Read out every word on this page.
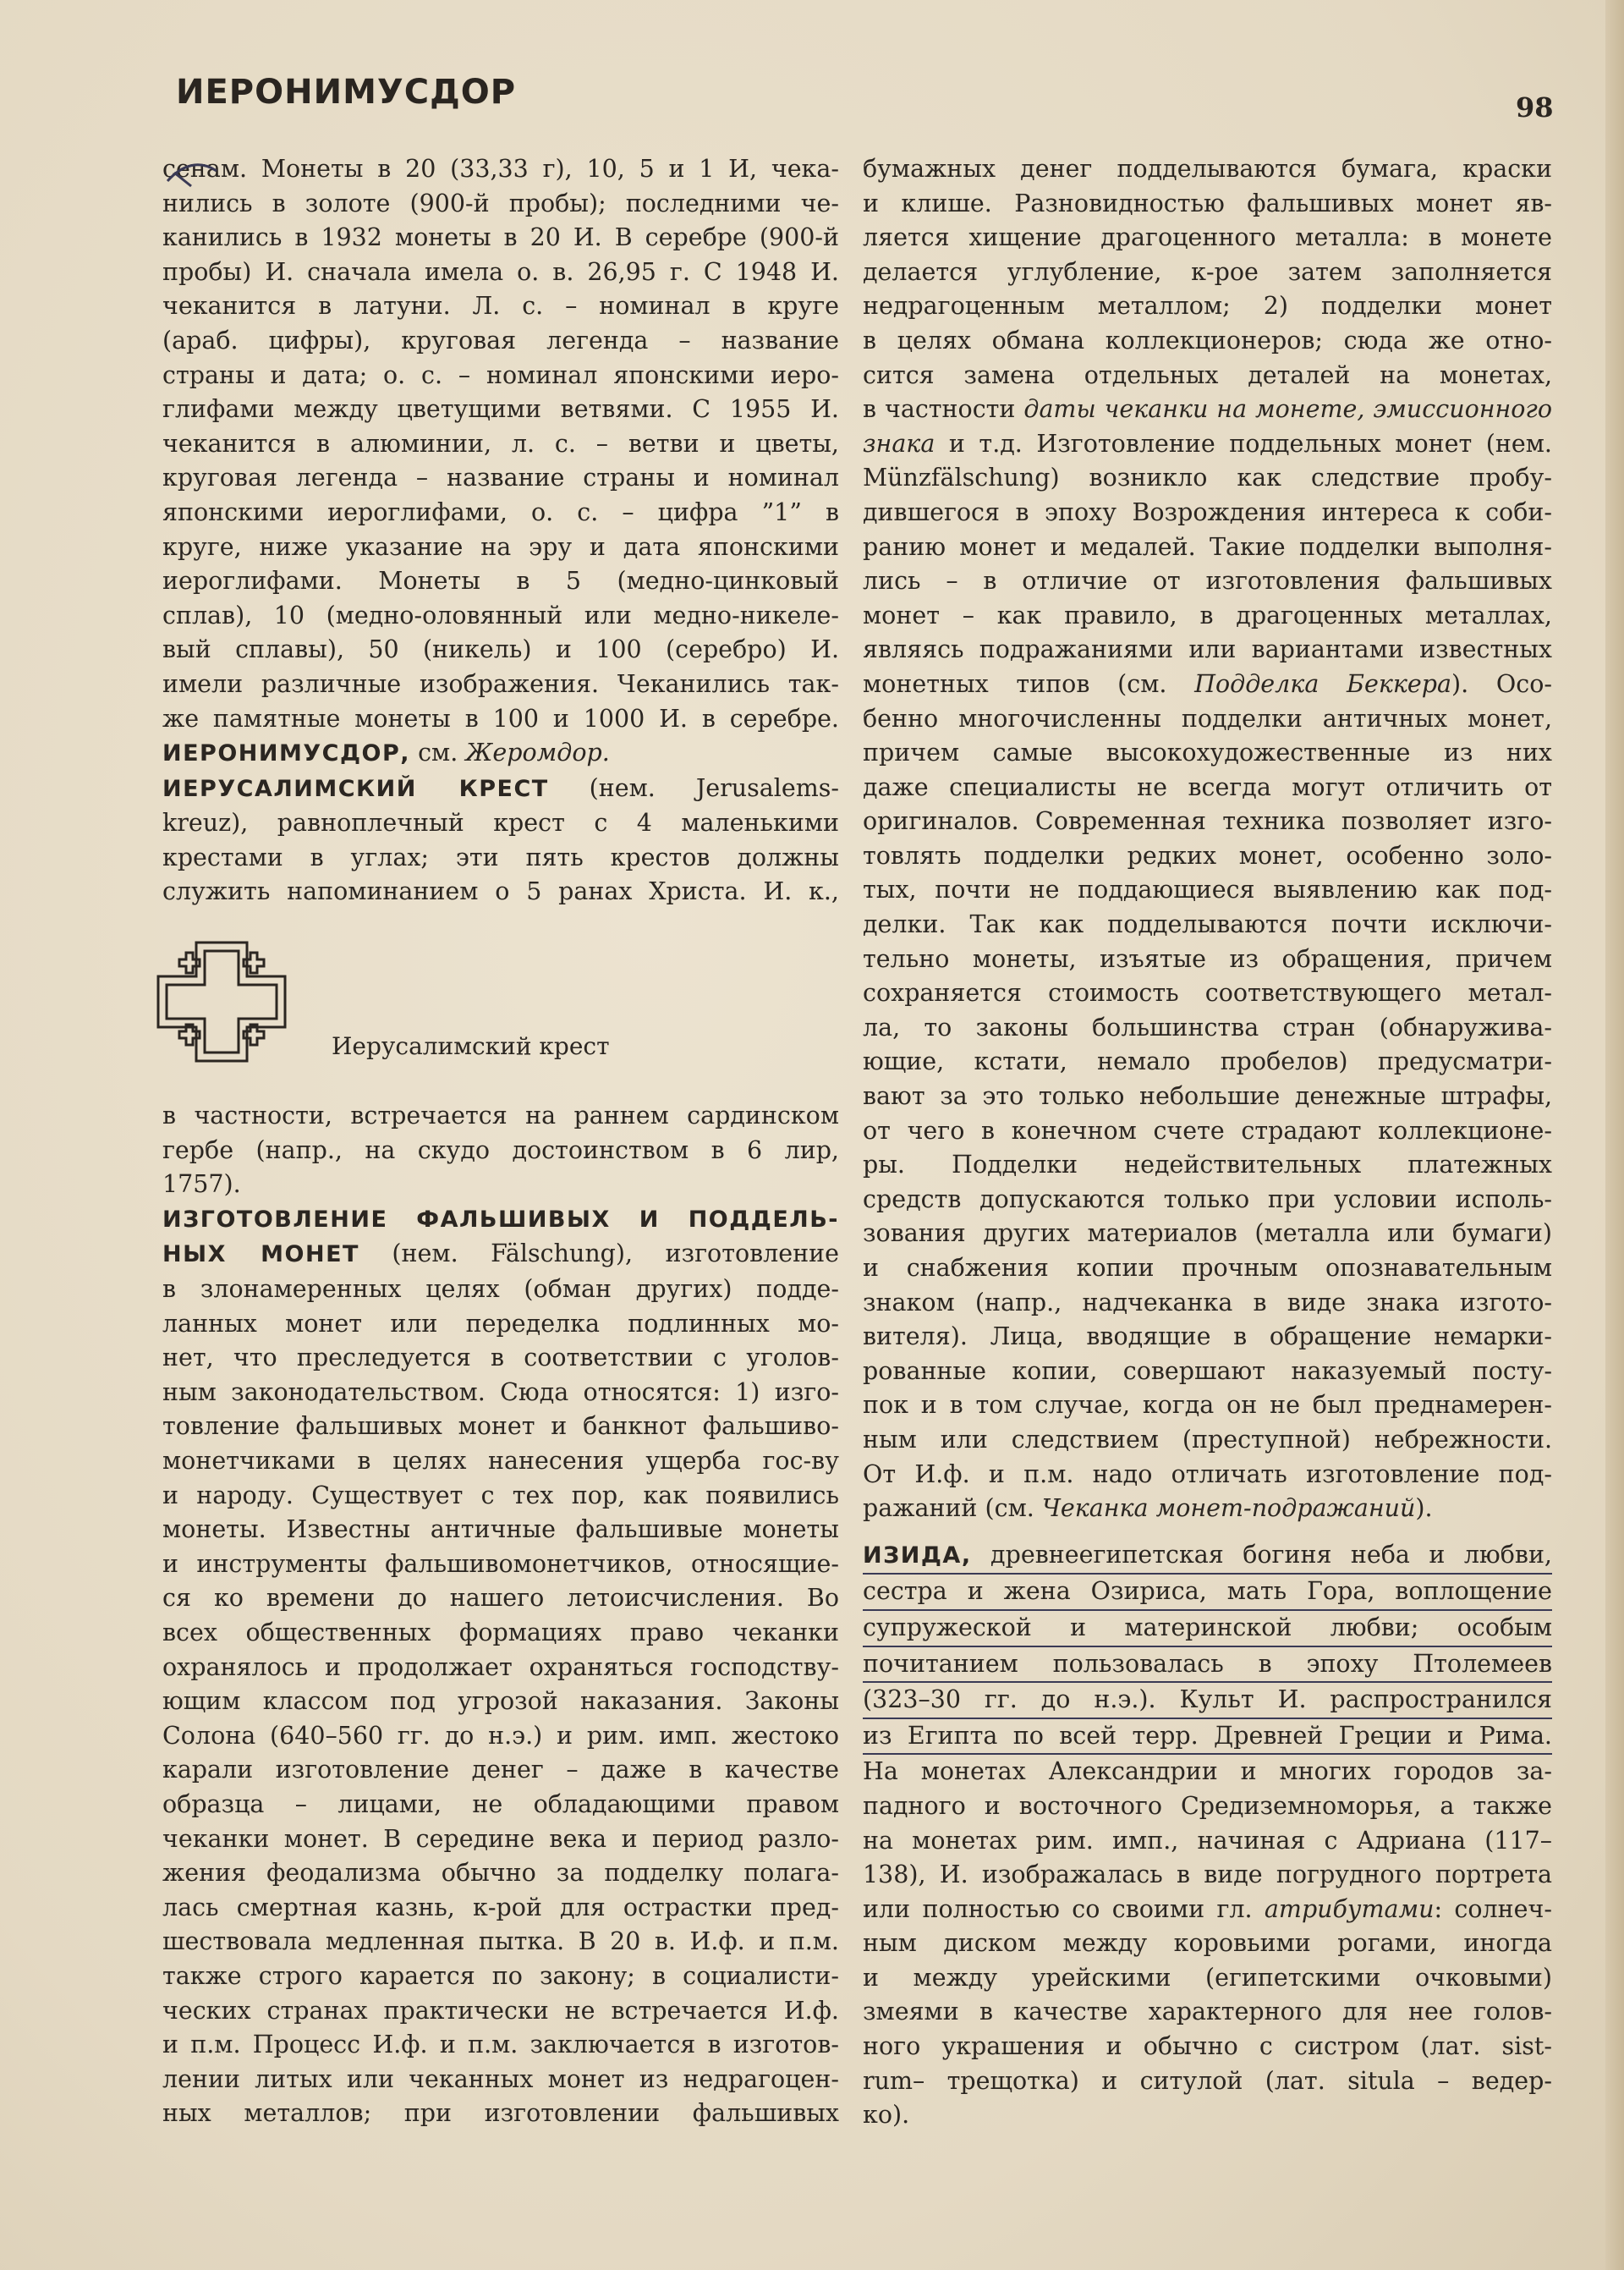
ИЕРОНИМУСДОР	98

сенам. Монеты в 20 (33,33 г), 10, 5 и 1 И, чека-

нились в золоте (900-й пробы); последними че-

канились в 1932 монеты в 20 И. В серебре (900-й

пробы) И. сначала имела о. в. 26,95 г. С 1948 И.

чеканится в латуни. Л. с. – номинал в круге

(араб. цифры), круговая легенда – название

страны и дата; о. с. – номинал японскими иеро-

глифами между цветущими ветвями. С 1955 И.

чеканится в алюминии, л. с. – ветви и цветы,

круговая легенда – название страны и номинал

японскими иероглифами, о. с. – цифра ”1” в

круге, ниже указание на эру и дата японскими

иероглифами. Монеты в 5 (медно-цинковый

сплав), 10 (медно-оловянный или медно-никеле-

вый сплавы), 50 (никель) и 100 (серебро) И.

имели различные изображения. Чеканились так-

же памятные монеты в 100 и 1000 И. в серебре.

ИЕРОНИМУСДОР, см. Жеромдор.

ИЕРУСАЛИМСКИЙ КРЕСТ (нем. Jerusalems-

kreuz), равноплечный крест с 4 маленькими

крестами в углах; эти пять крестов должны

служить напоминанием о 5 ранах Христа. И. к.,

Иерусалимский крест

в частности, встречается на раннем сардинском

гербе (напр., на скудо достоинством в 6 лир,

1757).

ИЗГОТОВЛЕНИЕ ФАЛЬШИВЫХ И ПОДДЕЛЬ-

НЫХ МОНЕТ (нем. Fälschung), изготовление

в злонамеренных целях (обман других) подде-

ланных монет или переделка подлинных мо-

нет, что преследуется в соответствии с уголов-

ным законодательством. Сюда относятся: 1) изго-

товление фальшивых монет и банкнот фальшиво-

монетчиками в целях нанесения ущерба гос-ву

и народу. Существует с тех пор, как появились

монеты. Известны античные фальшивые монеты

и инструменты фальшивомонетчиков, относящие-

ся ко времени до нашего летоисчисления. Во

всех общественных формациях право чеканки

охранялось и продолжает охраняться господству-

ющим классом под угрозой наказания. Законы

Солона (640–560 гг. до н.э.) и рим. имп. жестоко

карали изготовление денег – даже в качестве

образца – лицами, не обладающими правом

чеканки монет. В середине века и период разло-

жения феодализма обычно за подделку полага-

лась смертная казнь, к-рой для острастки пред-

шествовала медленная пытка. В 20 в. И.ф. и п.м.

также строго карается по закону; в социалисти-

ческих странах практически не встречается И.ф.

и п.м. Процесс И.ф. и п.м. заключается в изготов-

лении литых или чеканных монет из недрагоцен-

ных металлов; при изготовлении фальшивых

бумажных денег подделываются бумага, краски

и клише. Разновидностью фальшивых монет яв-

ляется хищение драгоценного металла: в монете

делается углубление, к-рое затем заполняется

недрагоценным металлом; 2) подделки монет

в целях обмана коллекционеров; сюда же отно-

сится замена отдельных деталей на монетах,

в частности даты чеканки на монете, эмиссионного

знака и т.д. Изготовление поддельных монет (нем.

Münzfälschung) возникло как следствие пробу-

дившегося в эпоху Возрождения интереса к соби-

ранию монет и медалей. Такие подделки выполня-

лись – в отличие от изготовления фальшивых

монет – как правило, в драгоценных металлах,

являясь подражаниями или вариантами известных

монетных типов (см. Подделка Беккера). Осо-

бенно многочисленны подделки античных монет,

причем самые высокохудожественные из них

даже специалисты не всегда могут отличить от

оригиналов. Современная техника позволяет изго-

товлять подделки редких монет, особенно золо-

тых, почти не поддающиеся выявлению как под-

делки. Так как подделываются почти исключи-

тельно монеты, изъятые из обращения, причем

сохраняется стоимость соответствующего метал-

ла, то законы большинства стран (обнаружива-

ющие, кстати, немало пробелов) предусматри-

вают за это только небольшие денежные штрафы,

от чего в конечном счете страдают коллекционе-

ры. Подделки недействительных платежных

средств допускаются только при условии исполь-

зования других материалов (металла или бумаги)

и снабжения копии прочным опознавательным

знаком (напр., надчеканка в виде знака изгото-

вителя). Лица, вводящие в обращение немарки-

рованные копии, совершают наказуемый посту-

пок и в том случае, когда он не был преднамерен-

ным или следствием (преступной) небрежности.

От И.ф. и п.м. надо отличать изготовление под-

ражаний (см. Чеканка монет-подражаний).

ИЗИДА, древнеегипетская богиня неба и любви,

сестра и жена Озириса, мать Гора, воплощение

супружеской и материнской любви; особым

почитанием пользовалась в эпоху Птолемеев

(323–30 гг. до н.э.). Культ И. распространился

из Египта по всей терр. Древней Греции и Рима.

На монетах Александрии и многих городов за-

падного и восточного Средиземноморья, а также

на монетах рим. имп., начиная с Адриана (117–

138), И. изображалась в виде погрудного портрета

или полностью со своими гл. атрибутами: солнеч-

ным диском между коровьими рогами, иногда

и между урейскими (египетскими очковыми)

змеями в качестве характерного для нее голов-

ного украшения и обычно с систром (лат. sist-

rum– трещотка) и ситулой (лат. situla – ведер-

ко).
